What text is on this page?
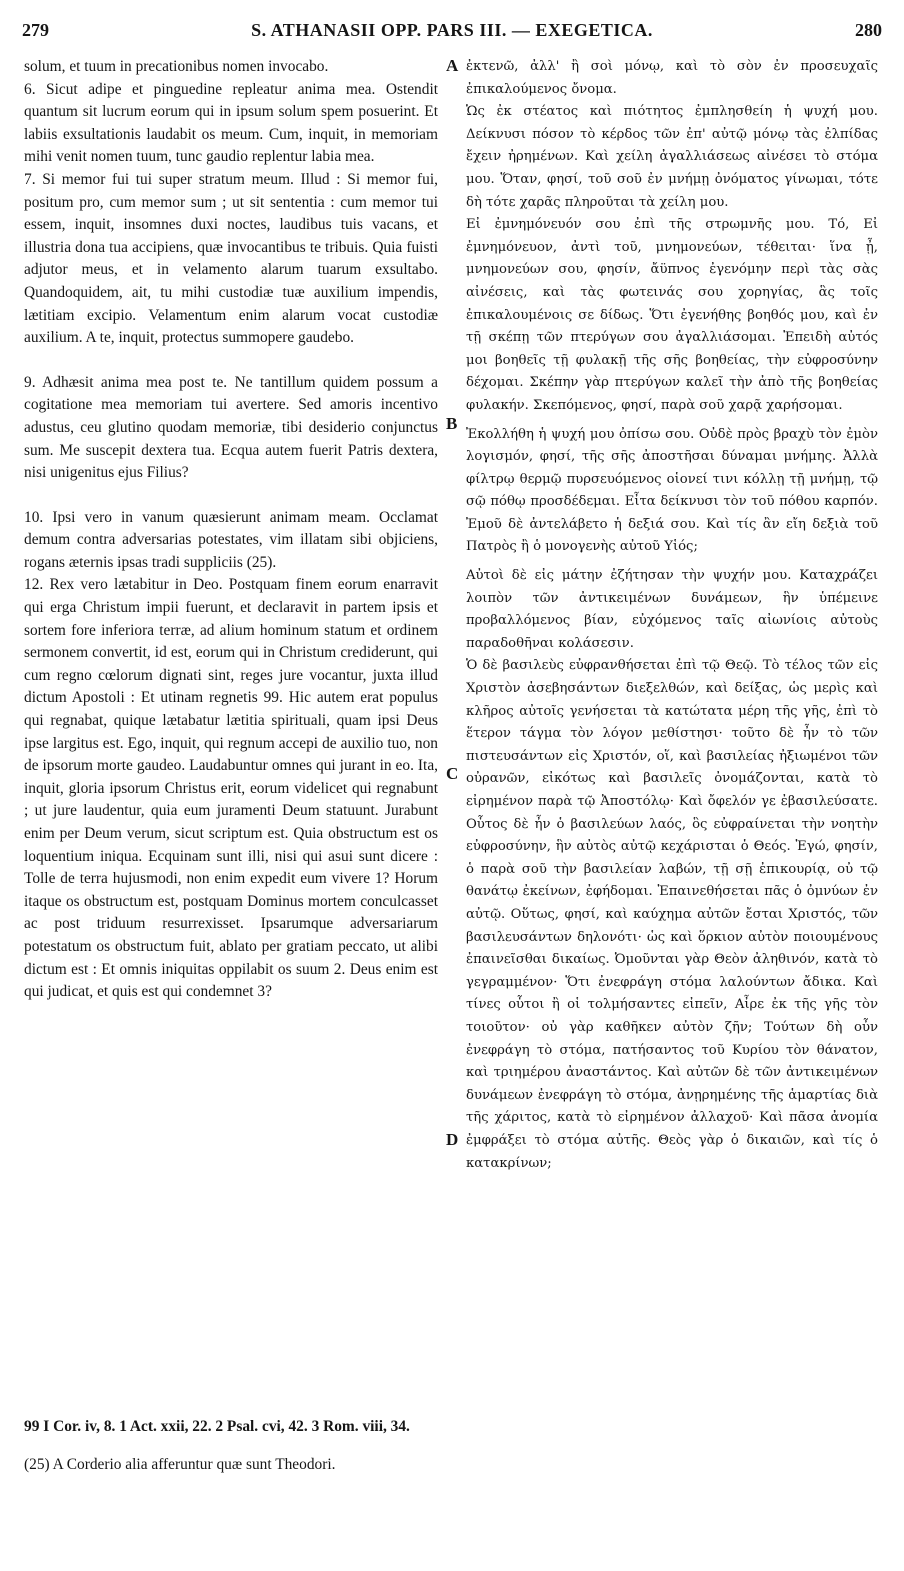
279	S. ATHANASII OPP. PARS III. — EXEGETICA.	280

solum, et tuum in precationibus nomen invocabo.

6. Sicut adipe et pinguedine repleatur anima mea. Ostendit quantum sit lucrum eorum qui in ipsum solum spem posuerint. Et labiis exsultationis laudabit os meum. Cum, inquit, in memoriam mihi venit nomen tuum, tunc gaudio replentur labia mea.

7. Si memor fui tui super stratum meum. Illud : Si memor fui, positum pro, cum memor sum ; ut sit sententia : cum memor tui essem, inquit, insomnes duxi noctes, laudibus tuis vacans, et illustria dona tua accipiens, quæ invocantibus te tribuis. Quia fuisti adjutor meus, et in velamento alarum tuarum exsultabo. Quandoquidem, ait, tu mihi custodiæ tuæ auxilium impendis, lætitiam excipio. Velamentum enim alarum vocat custodiæ auxilium. A te, inquit, protectus summopere gaudebo.

9. Adhæsit anima mea post te. Ne tantillum quidem possum a cogitatione mea memoriam tui avertere. Sed amoris incentivo adustus, ceu glutino quodam memoriæ, tibi desiderio conjunctus sum. Me suscepit dextera tua. Ecqua autem fuerit Patris dextera, nisi unigenitus ejus Filius?

10. Ipsi vero in vanum quæsierunt animam meam. Occlamat demum contra adversarias potestates, vim illatam sibi objiciens, rogans æternis ipsas tradi suppliciis (25).

12. Rex vero lætabitur in Deo. Postquam finem eorum enarravit qui erga Christum impii fuerunt, et declaravit in partem ipsis et sortem fore inferiora terræ, ad alium hominum statum et ordinem sermonem convertit, id est, eorum qui in Christum crediderunt, qui cum regno cœlorum dignati sint, reges jure vocantur, juxta illud dictum Apostoli : Et utinam regnetis 99. Hic autem erat populus qui regnabat, quique lætabatur lætitia spirituali, quam ipsi Deus ipse largitus est. Ego, inquit, qui regnum accepi de auxilio tuo, non de ipsorum morte gaudeo. Laudabuntur omnes qui jurant in eo. Ita, inquit, gloria ipsorum Christus erit, eorum videlicet qui regnabunt ; ut jure laudentur, quia eum juramenti Deum statuunt. Jurabunt enim per Deum verum, sicut scriptum est. Quia obstructum est os loquentium iniqua. Ecquinam sunt illi, nisi qui asui sunt dicere : Tolle de terra hujusmodi, non enim expedit eum vivere 1? Horum itaque os obstructum est, postquam Dominus mortem conculcasset ac post triduum resurrexisset. Ipsarumque adversariarum potestatum os obstructum fuit, ablato per gratiam peccato, ut alibi dictum est : Et omnis iniquitas oppilabit os suum 2. Deus enim est qui judicat, et quis est qui condemnet 3?

ἐκτενῶ, ἀλλ' ἢ σοὶ μόνῳ, καὶ τὸ σὸν ἐν προσευχαῖς ἐπικαλούμενος ὄνομα.

Ὡς ἐκ στέατος καὶ πιότητος ἐμπλησθείη ἡ ψυχή μου. Δείκνυσι πόσον τὸ κέρδος τῶν ἐπ' αὐτῷ μόνῳ τὰς ἐλπίδας ἔχειν ἠρημένων. Καὶ χείλη ἀγαλλιάσεως αἰνέσει τὸ στόμα μου. Ὅταν, φησί, τοῦ σοῦ ἐν μνήμῃ ὀνόματος γίνωμαι, τότε δὴ τότε χαρᾶς πληροῦται τὰ χείλη μου.

Εἰ ἐμνημόνευόν σου ἐπὶ τῆς στρωμνῆς μου. Τό, Εἰ ἐμνημόνευον, ἀντὶ τοῦ, μνημονεύων, τέθειται· ἵνα ᾖ, μνημονεύων σου, φησίν, ἄϋπνος ἐγενόμην περὶ τὰς σὰς αἰνέσεις, καὶ τὰς φωτεινάς σου χορηγίας, ἃς τοῖς ἐπικαλουμένοις σε δίδως. Ὅτι ἐγενήθης βοηθός μου, καὶ ἐν τῇ σκέπῃ τῶν πτερύγων σου ἀγαλλιάσομαι. Ἐπειδὴ αὐτός μοι βοηθεῖς τῇ φυλακῇ τῆς σῆς βοηθείας, τὴν εὐφροσύνην δέχομαι. Σκέπην γὰρ πτερύγων καλεῖ τὴν ἀπὸ τῆς βοηθείας φυλακήν. Σκεπόμενος, φησί, παρὰ σοῦ χαρᾷ χαρήσομαι.

Ἐκολλήθη ἡ ψυχή μου ὀπίσω σου. Οὐδὲ πρὸς βραχὺ τὸν ἐμὸν λογισμόν, φησί, τῆς σῆς ἀποστῆσαι δύναμαι μνήμης. Ἀλλὰ φίλτρῳ θερμῷ πυρσευόμενος οἱονεί τινι κόλλῃ τῇ μνήμῃ, τῷ σῷ πόθῳ προσδέδεμαι. Εἶτα δείκνυσι τὸν τοῦ πόθου καρπόν. Ἐμοῦ δὲ ἀντελάβετο ἡ δεξιά σου. Καὶ τίς ἂν εἴη δεξιὰ τοῦ Πατρὸς ἢ ὁ μονογενὴς αὐτοῦ Υἱός;

Αὐτοὶ δὲ εἰς μάτην ἐζήτησαν τὴν ψυχήν μου. Καταχράζει λοιπὸν τῶν ἀντικειμένων δυνάμεων, ἣν ὑπέμεινε προβαλλόμενος βίαν, εὐχόμενος ταῖς αἰωνίοις αὐτοὺς παραδοθῆναι κολάσεσιν.

Ὁ δὲ βασιλεὺς εὐφρανθήσεται ἐπὶ τῷ Θεῷ. Τὸ τέλος τῶν εἰς Χριστὸν ἀσεβησάντων διεξελθών, καὶ δείξας, ὡς μερὶς καὶ κλῆρος αὐτοῖς γενήσεται τὰ κατώτατα μέρη τῆς γῆς, ἐπὶ τὸ ἕτερον τάγμα τὸν λόγον μεθίστησι· τοῦτο δὲ ἦν τὸ τῶν πιστευσάντων εἰς Χριστόν, οἵ, καὶ βασιλείας ἠξιωμένοι τῶν οὐρανῶν, εἰκότως καὶ βασιλεῖς ὀνομάζονται, κατὰ τὸ εἰρημένον παρὰ τῷ Ἀποστόλῳ· Καὶ ὄφελόν γε ἐβασιλεύσατε. Οὗτος δὲ ἦν ὁ βασιλεύων λαός, ὃς εὐφραίνεται τὴν νοητὴν εὐφροσύνην, ἣν αὐτὸς αὐτῷ κεχάρισται ὁ Θεός. Ἐγώ, φησίν, ὁ παρὰ σοῦ τὴν βασιλείαν λαβών, τῇ σῇ ἐπικουρίᾳ, οὐ τῷ θανάτῳ ἐκείνων, ἐφήδομαι. Ἐπαινεθήσεται πᾶς ὁ ὀμνύων ἐν αὐτῷ. Οὕτως, φησί, καὶ καύχημα αὐτῶν ἔσται Χριστός, τῶν βασιλευσάντων δηλονότι· ὡς καὶ ὅρκιον αὐτὸν ποιουμένους ἐπαινεῖσθαι δικαίως. Ὀμοῦνται γὰρ Θεὸν ἀληθινόν, κατὰ τὸ γεγραμμένον· Ὅτι ἐνεφράγη στόμα λαλούντων ἄδικα. Καὶ τίνες οὗτοι ἢ οἱ τολμήσαντες εἰπεῖν, Αἶρε ἐκ τῆς γῆς τὸν τοιοῦτον· οὐ γὰρ καθῆκεν αὐτὸν ζῆν; Τούτων δὴ οὖν ἐνεφράγη τὸ στόμα, πατήσαντος τοῦ Κυρίου τὸν θάνατον, καὶ τριημέρου ἀναστάντος. Καὶ αὐτῶν δὲ τῶν ἀντικειμένων δυνάμεων ἐνεφράγη τὸ στόμα, ἀνῃρημένης τῆς ἁμαρτίας διὰ τῆς χάριτος, κατὰ τὸ εἰρημένον ἀλλαχοῦ· Καὶ πᾶσα ἀνομία ἐμφράξει τὸ στόμα αὐτῆς. Θεὸς γὰρ ὁ δικαιῶν, καὶ τίς ὁ κατακρίνων;

A
B
C
D
99 I Cor. iv, 8. 1 Act. xxii, 22. 2 Psal. cvi, 42. 3 Rom. viii, 34.
(25) A Corderio alia afferuntur quæ sunt Theodori.
